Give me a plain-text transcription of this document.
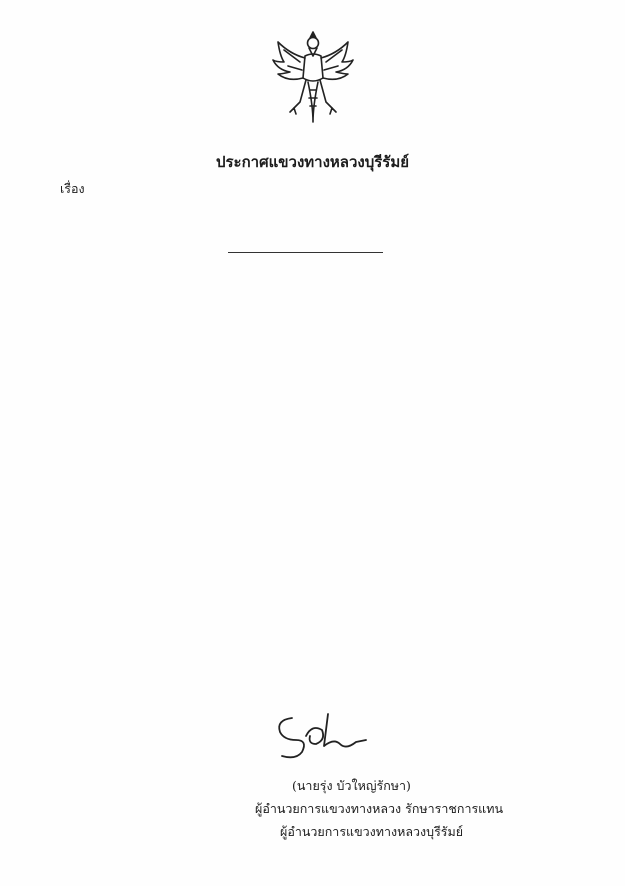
ประกาศแขวงทางหลวงบุรีรัมย์
เรื่อง

(นายรุ่ง บัวใหญ่รักษา)
ผู้อำนวยการแขวงทางหลวง รักษาราชการแทน
ผู้อำนวยการแขวงทางหลวงบุรีรัมย์
